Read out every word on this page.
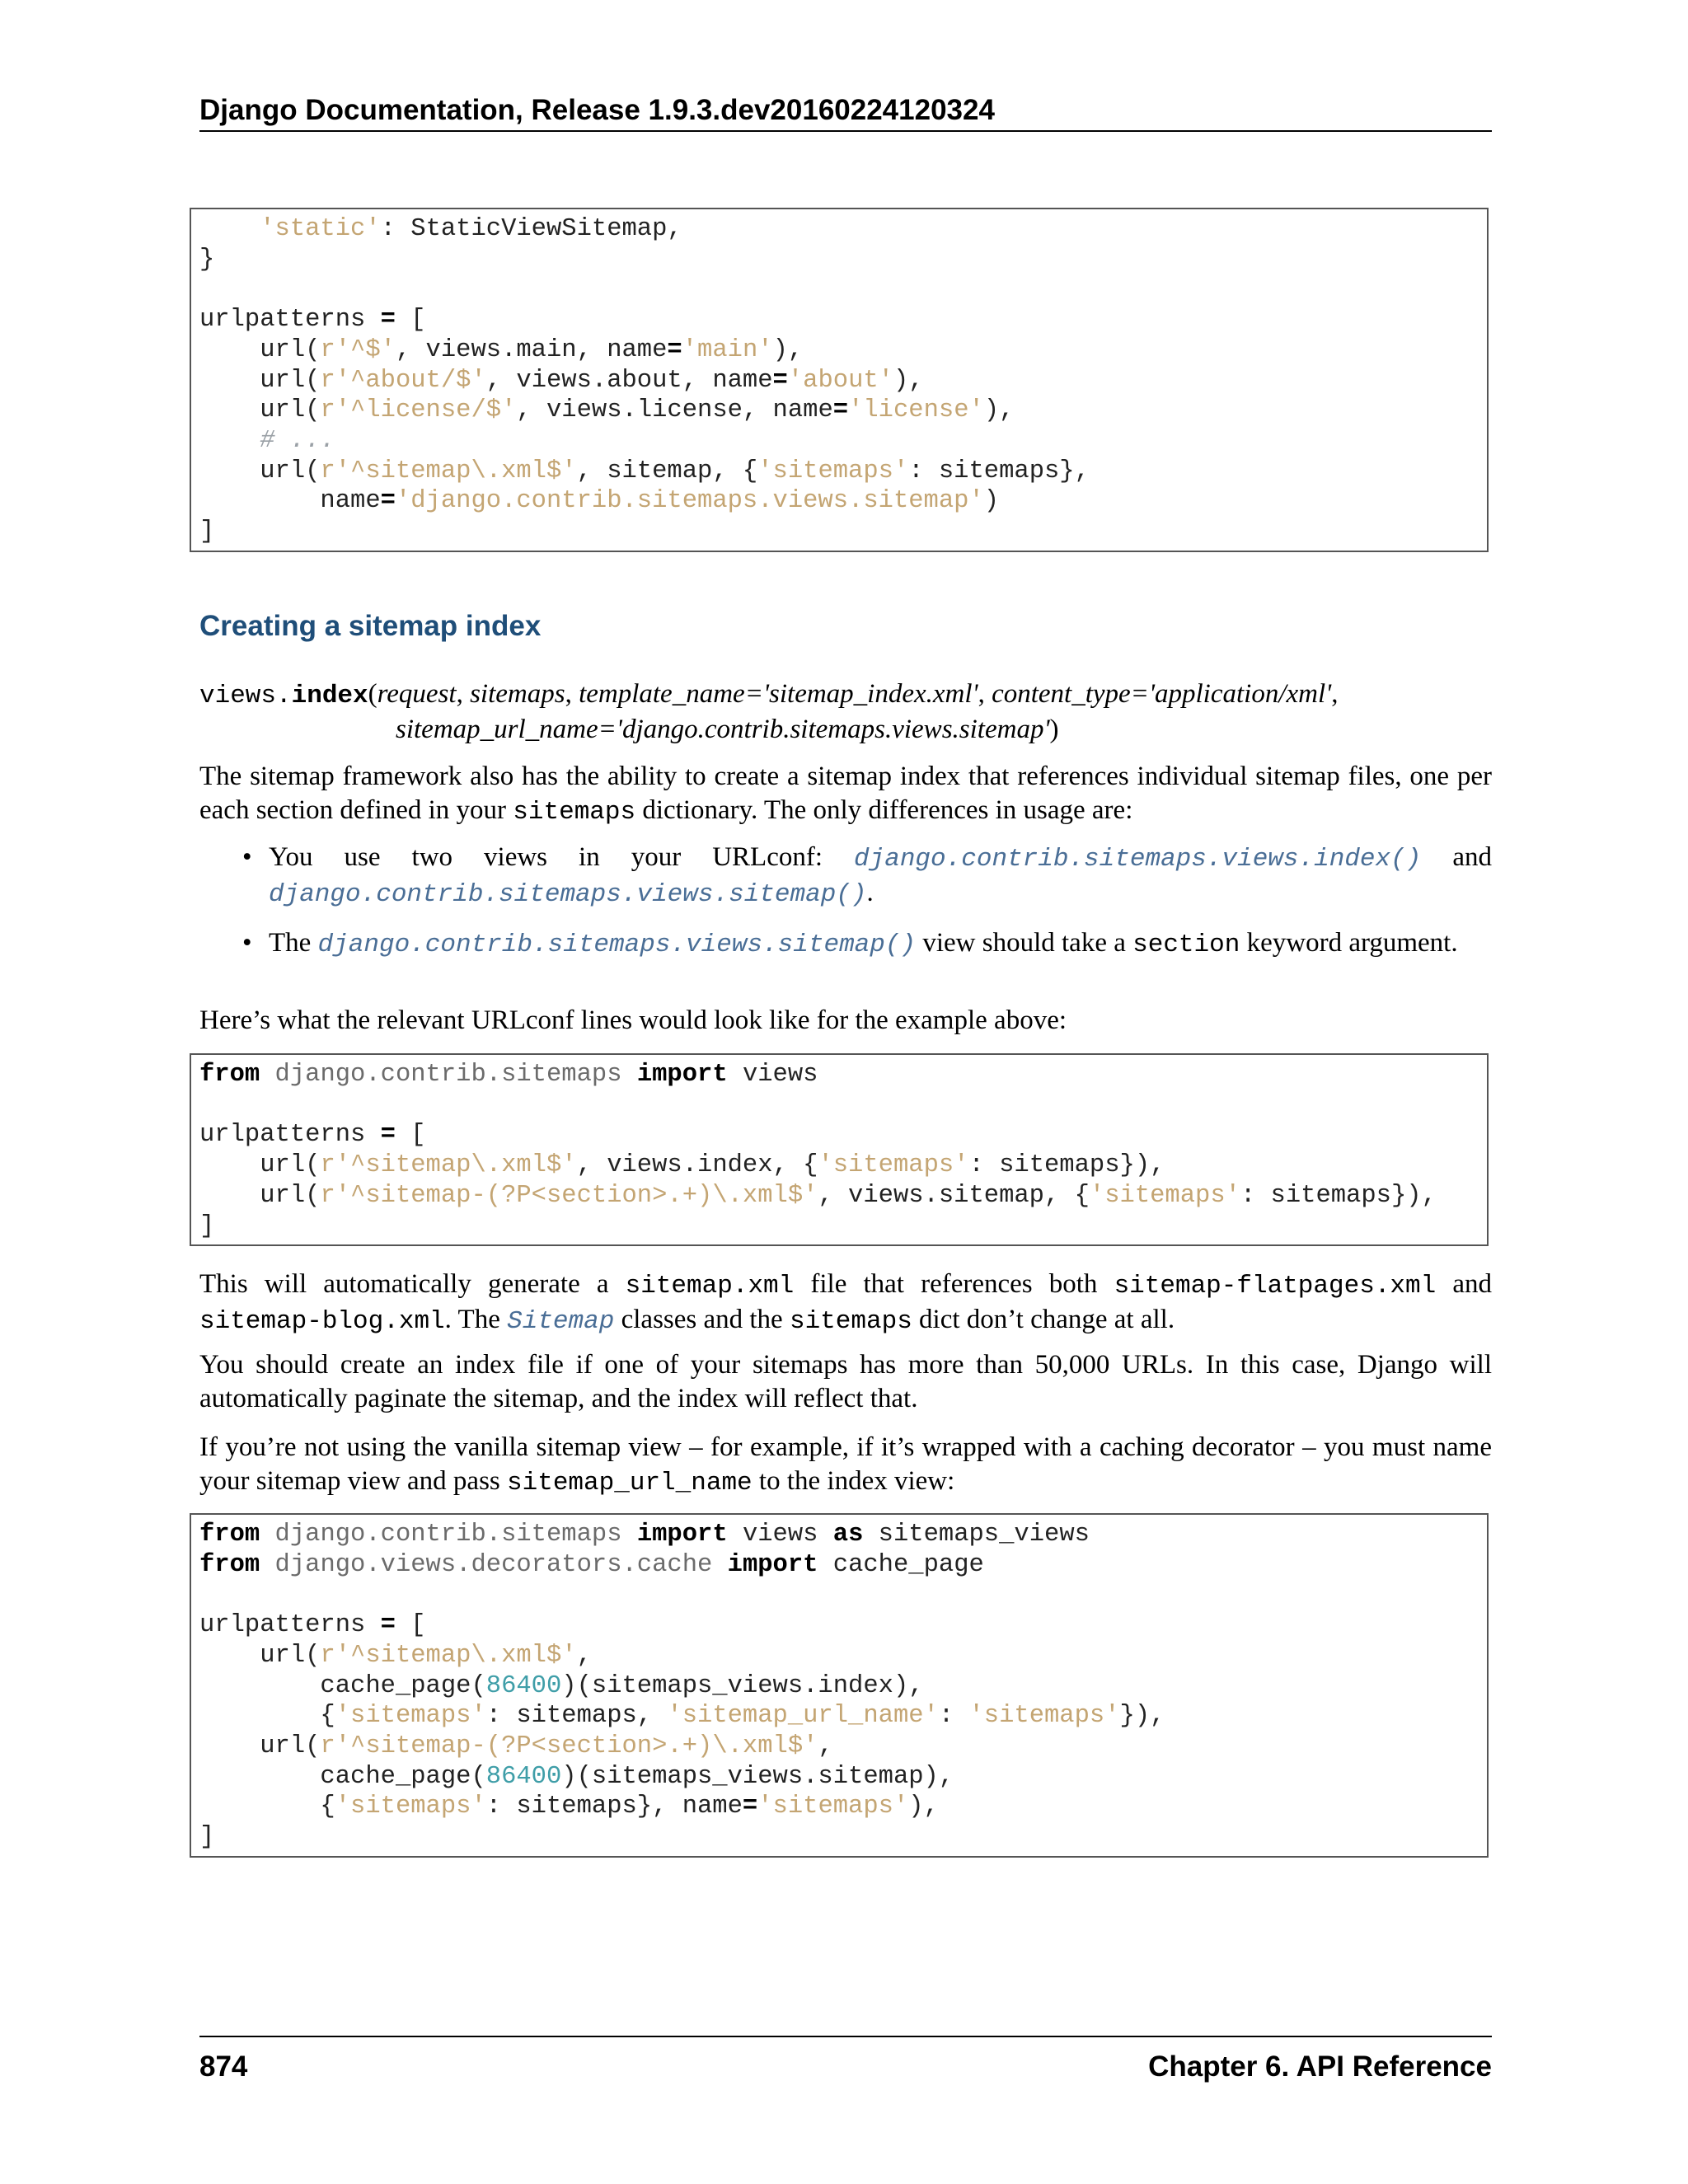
Django Documentation, Release 1.9.3.dev20160224120324
'static': StaticViewSitemap,
}

urlpatterns = [
url(r'^$', views.main, name='main'),
url(r'^about/$', views.about, name='about'),
url(r'^license/$', views.license, name='license'),
# ...
url(r'^sitemap\.xml$', sitemap, {'sitemaps': sitemaps},
name='django.contrib.sitemaps.views.sitemap')
]
Creating a sitemap index
views.index(request, sitemaps, template_name='sitemap_index.xml', content_type='application/xml',
sitemap_url_name='django.contrib.sitemaps.views.sitemap')

The sitemap framework also has the ability to create a sitemap index that references individual sitemap files, one per each section defined in your sitemaps dictionary. The only differences in usage are:

• You use two views in your URLconf: django.contrib.sitemaps.views.index() and django.contrib.sitemaps.views.sitemap().
• The django.contrib.sitemaps.views.sitemap() view should take a section keyword argument.

Here’s what the relevant URLconf lines would look like for the example above:

from django.contrib.sitemaps import views

urlpatterns = [
url(r'^sitemap\.xml$', views.index, {'sitemaps': sitemaps}),
url(r'^sitemap-(?P<section>.+)\.xml$', views.sitemap, {'sitemaps': sitemaps}),
]

This will automatically generate a sitemap.xml file that references both sitemap-flatpages.xml and sitemap-blog.xml. The Sitemap classes and the sitemaps dict don’t change at all.

You should create an index file if one of your sitemaps has more than 50,000 URLs. In this case, Django will automatically paginate the sitemap, and the index will reflect that.

If you’re not using the vanilla sitemap view – for example, if it’s wrapped with a caching decorator – you must name your sitemap view and pass sitemap_url_name to the index view:

from django.contrib.sitemaps import views as sitemaps_views
from django.views.decorators.cache import cache_page

urlpatterns = [
url(r'^sitemap\.xml$',
cache_page(86400)(sitemaps_views.index),
{'sitemaps': sitemaps, 'sitemap_url_name': 'sitemaps'}),
url(r'^sitemap-(?P<section>.+)\.xml$',
cache_page(86400)(sitemaps_views.sitemap),
{'sitemaps': sitemaps}, name='sitemaps'),
]
874	Chapter 6. API Reference
